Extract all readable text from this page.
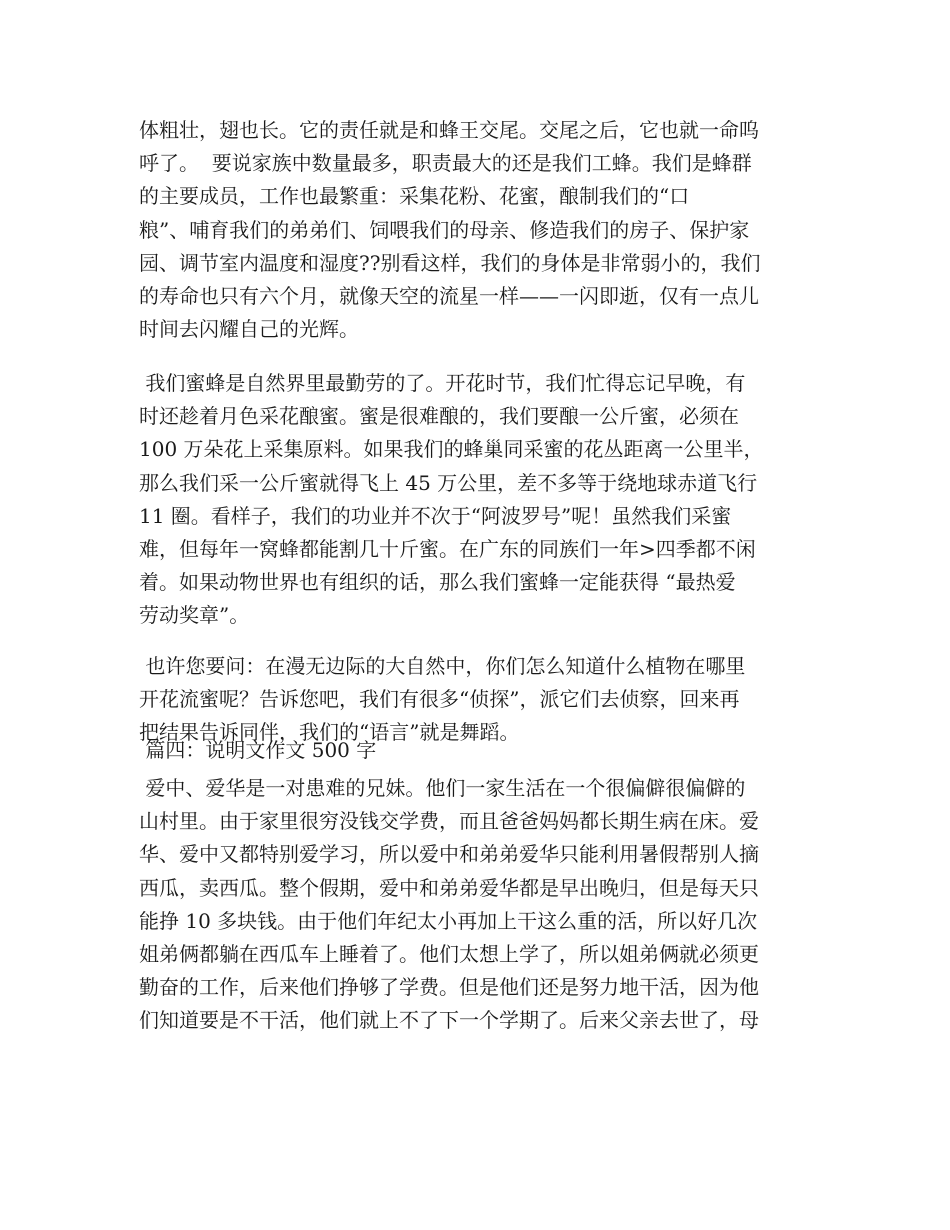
体粗壮，翅也长。它的责任就是和蜂王交尾。交尾之后，它也就一命呜
呼了。  要说家族中数量最多，职责最大的还是我们工蜂。我们是蜂群
的主要成员，工作也最繁重：采集花粉、花蜜，酿制我们的“口
粮”、哺育我们的弟弟们、饲喂我们的母亲、修造我们的房子、保护家
园、调节室内温度和湿度??别看这样，我们的身体是非常弱小的，我们
的寿命也只有六个月，就像天空的流星一样——一闪即逝，仅有一点儿
时间去闪耀自己的光辉。
我们蜜蜂是自然界里最勤劳的了。开花时节，我们忙得忘记早晚，有
时还趁着月色采花酿蜜。蜜是很难酿的，我们要酿一公斤蜜，必须在
100 万朵花上采集原料。如果我们的蜂巢同采蜜的花丛距离一公里半，
那么我们采一公斤蜜就得飞上 45 万公里，差不多等于绕地球赤道飞行
11 圈。看样子，我们的功业并不次于“阿波罗号”呢！虽然我们采蜜
难，但每年一窝蜂都能割几十斤蜜。在广东的同族们一年>四季都不闲
着。如果动物世界也有组织的话，那么我们蜜蜂一定能获得 “最热爱
劳动奖章”。
也许您要问：在漫无边际的大自然中，你们怎么知道什么植物在哪里
开花流蜜呢？告诉您吧，我们有很多“侦探”，派它们去侦察，回来再
把结果告诉同伴，我们的“语言”就是舞蹈。
篇四：说明文作文 500 字
爱中、爱华是一对患难的兄妹。他们一家生活在一个很偏僻很偏僻的
山村里。由于家里很穷没钱交学费，而且爸爸妈妈都长期生病在床。爱
华、爱中又都特别爱学习，所以爱中和弟弟爱华只能利用暑假帮别人摘
西瓜，卖西瓜。整个假期，爱中和弟弟爱华都是早出晚归，但是每天只
能挣 10 多块钱。由于他们年纪太小再加上干这么重的活，所以好几次
姐弟俩都躺在西瓜车上睡着了。他们太想上学了，所以姐弟俩就必须更
勤奋的工作，后来他们挣够了学费。但是他们还是努力地干活，因为他
们知道要是不干活，他们就上不了下一个学期了。后来父亲去世了，母
